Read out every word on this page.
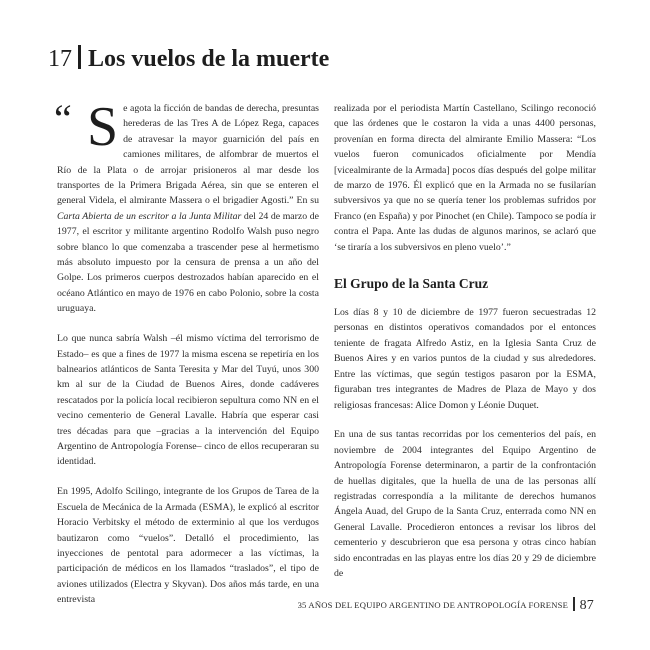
17 Los vuelos de la muerte
“ Se agota la ficción de bandas de derecha, presuntas herederas de las Tres A de López Rega, capaces de atravesar la mayor guarnición del país en camiones militares, de alfombrar de muertos el Río de la Plata o de arrojar prisioneros al mar desde los transportes de la Primera Brigada Aérea, sin que se enteren el general Videla, el almirante Massera o el brigadier Agosti.” En su Carta Abierta de un escritor a la Junta Militar del 24 de marzo de 1977, el escritor y militante argentino Rodolfo Walsh puso negro sobre blanco lo que comenzaba a trascender pese al hermetismo más absoluto impuesto por la censura de prensa a un año del Golpe. Los primeros cuerpos destrozados habían aparecido en el océano Atlántico en mayo de 1976 en cabo Polonio, sobre la costa uruguaya.

Lo que nunca sabría Walsh –él mismo víctima del terrorismo de Estado– es que a fines de 1977 la misma escena se repetiría en los balnearios atlánticos de Santa Teresita y Mar del Tuyú, unos 300 km al sur de la Ciudad de Buenos Aires, donde cadáveres rescatados por la policía local recibieron sepultura como NN en el vecino cementerio de General Lavalle. Habría que esperar casi tres décadas para que –gracias a la intervención del Equipo Argentino de Antropología Forense– cinco de ellos recuperaran su identidad.

En 1995, Adolfo Scilingo, integrante de los Grupos de Tarea de la Escuela de Mecánica de la Armada (ESMA), le explicó al escritor Horacio Verbitsky el método de exterminio al que los verdugos bautizaron como “vuelos”. Detalló el procedimiento, las inyecciones de pentotal para adormecer a las víctimas, la participación de médicos en los llamados “traslados”, el tipo de aviones utilizados (Electra y Skyvan). Dos años más tarde, en una entrevista

realizada por el periodista Martín Castellano, Scilingo reconoció que las órdenes que le costaron la vida a unas 4400 personas, provenían en forma directa del almirante Emilio Massera: “Los vuelos fueron comunicados oficialmente por Mendía [vicealmirante de la Armada] pocos días después del golpe militar de marzo de 1976. Él explicó que en la Armada no se fusilarían subversivos ya que no se quería tener los problemas sufridos por Franco (en España) y por Pinochet (en Chile). Tampoco se podía ir contra el Papa. Ante las dudas de algunos marinos, se aclaró que ‘se tiraría a los subversivos en pleno vuelo’.”

El Grupo de la Santa Cruz

Los días 8 y 10 de diciembre de 1977 fueron secuestradas 12 personas en distintos operativos comandados por el entonces teniente de fragata Alfredo Astiz, en la Iglesia Santa Cruz de Buenos Aires y en varios puntos de la ciudad y sus alrededores. Entre las víctimas, que según testigos pasaron por la ESMA, figuraban tres integrantes de Madres de Plaza de Mayo y dos religiosas francesas: Alice Domon y Léonie Duquet.

En una de sus tantas recorridas por los cementerios del país, en noviembre de 2004 integrantes del Equipo Argentino de Antropología Forense determinaron, a partir de la confrontación de huellas digitales, que la huella de una de las personas allí registradas correspondía a la militante de derechos humanos Ángela Auad, del Grupo de la Santa Cruz, enterrada como NN en General Lavalle. Procedieron entonces a revisar los libros del cementerio y descubrieron que esa persona y otras cinco habían sido encontradas en las playas entre los días 20 y 29 de diciembre de

35 AÑOS DEL EQUIPO ARGENTINO DE ANTROPOLOGÍA FORENSE 87
